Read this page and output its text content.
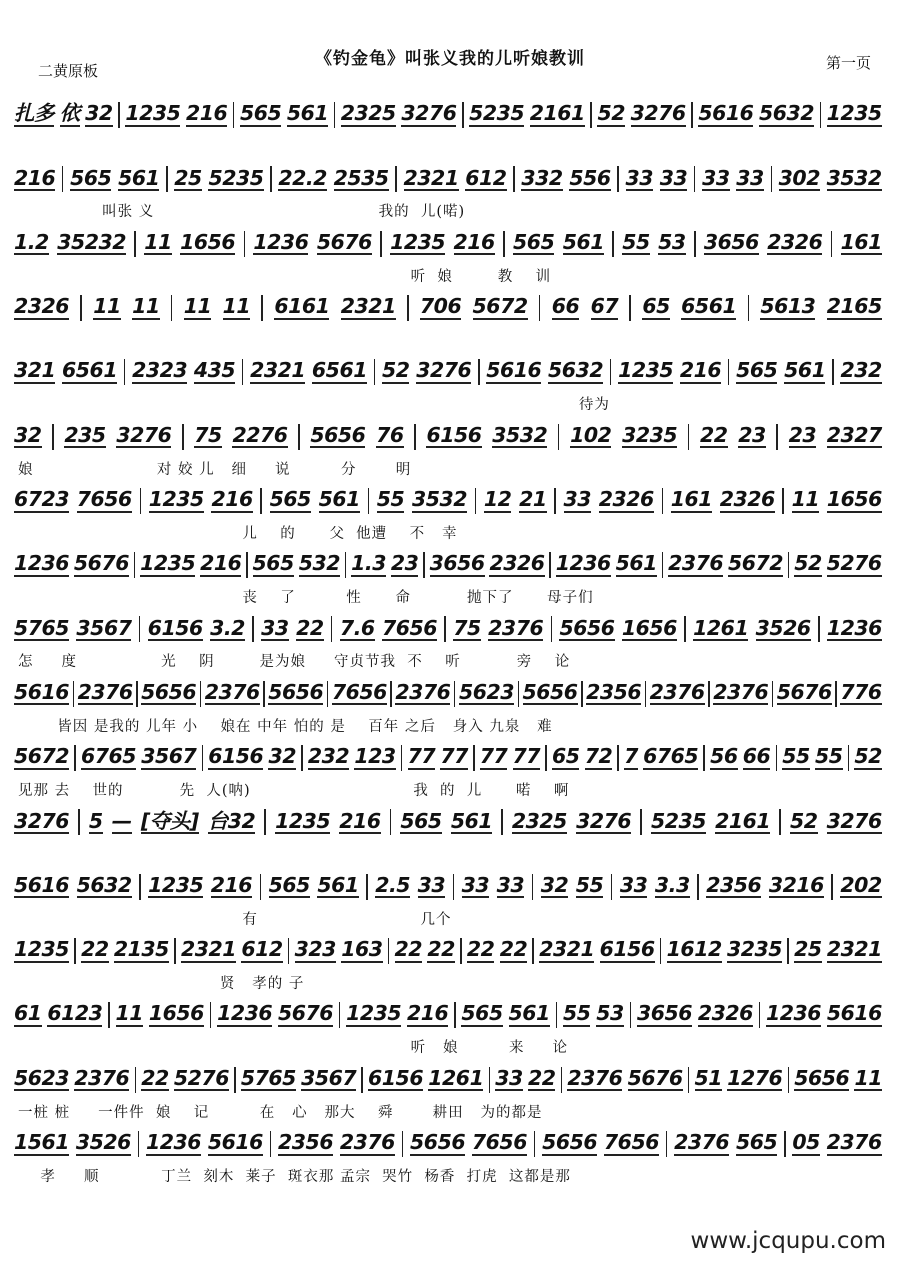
《钓金龟》叫张义我的儿听娘教训
二黄原板	第一页
扎多 依 32 1235 216 565 561 2325 3276 5235 2161 52 3276 5616 5632 1235
216 565 561 25 5235 22.2 2535 2321 612 332 556 33 33 33 33 302 3532
叫张 义                                        我的  儿(喏)
1.2 35232 11 1656 1236 5676 1235 216 565 561 55 53 3656 2326 161
听  娘        教    训
2326 11 11 11 11 6161 2321 706 5672 66 67 65 6561 5613 2165
321 6561 2323 435 2321 6561 52 3276 5616 5632 1235 216 565 561 232
待为
32 235 3276 75 2276 5656 76 6156 3532 102 3235 22 23 23 2327
娘                      对 姣 儿   细     说         分       明
6723 7656 1235 216 565 561 55 3532 12 21 33 2326 161 2326 11 1656
儿    的      父  他遭    不   幸
1236 5676 1235 216 565 532 1.3 23 3656 2326 1236 561 2376 5672 52 5276
丧    了         性      命          抛下了      母子们
5765 3567 6156 3.2 33 22 7.6 7656 75 2376 5656 1656 1261 3526 1236
怎     度               光    阴        是为娘     守贞节我  不    听          旁    论
5616 2376 5656 2376 5656 7656 2376 5623 5656 2356 2376 2376 5676 776
皆因 是我的 儿年 小    娘在 中年 怕的 是    百年 之后   身入 九泉   难
5672 6765 3567 6156 32 232 123 77 77 77 77 65 72 7 6765 56 66 55 55 52
见那 去    世的          先  人(呐)                             我  的  儿      喏    啊
3276 5 — [夺头] 台32 1235 216 565 561 2325 3276 5235 2161 52 3276
5616 5632 1235 216 565 561 2.5 33 33 33 32 55 33 3.3 2356 3216 202
有                             几个
1235 22 2135 2321 612 323 163 22 22 22 22 2321 6156 1612 3235 25 2321
贤   孝的 子
61 6123 11 1656 1236 5676 1235 216 565 561 55 53 3656 2326 1236 5616
听   娘         来     论
5623 2376 22 5276 5765 3567 6156 1261 33 22 2376 5676 51 1276 5656 11
一桩 桩     一件件  娘    记         在   心   那大    舜       耕田   为的都是
1561 3526 1236 5616 2356 2376 5656 7656 5656 7656 2376 565 05 2376
孝     顺           丁兰  刻木  莱子  斑衣那 孟宗  哭竹  杨香  打虎  这都是那
www.jcqupu.com
